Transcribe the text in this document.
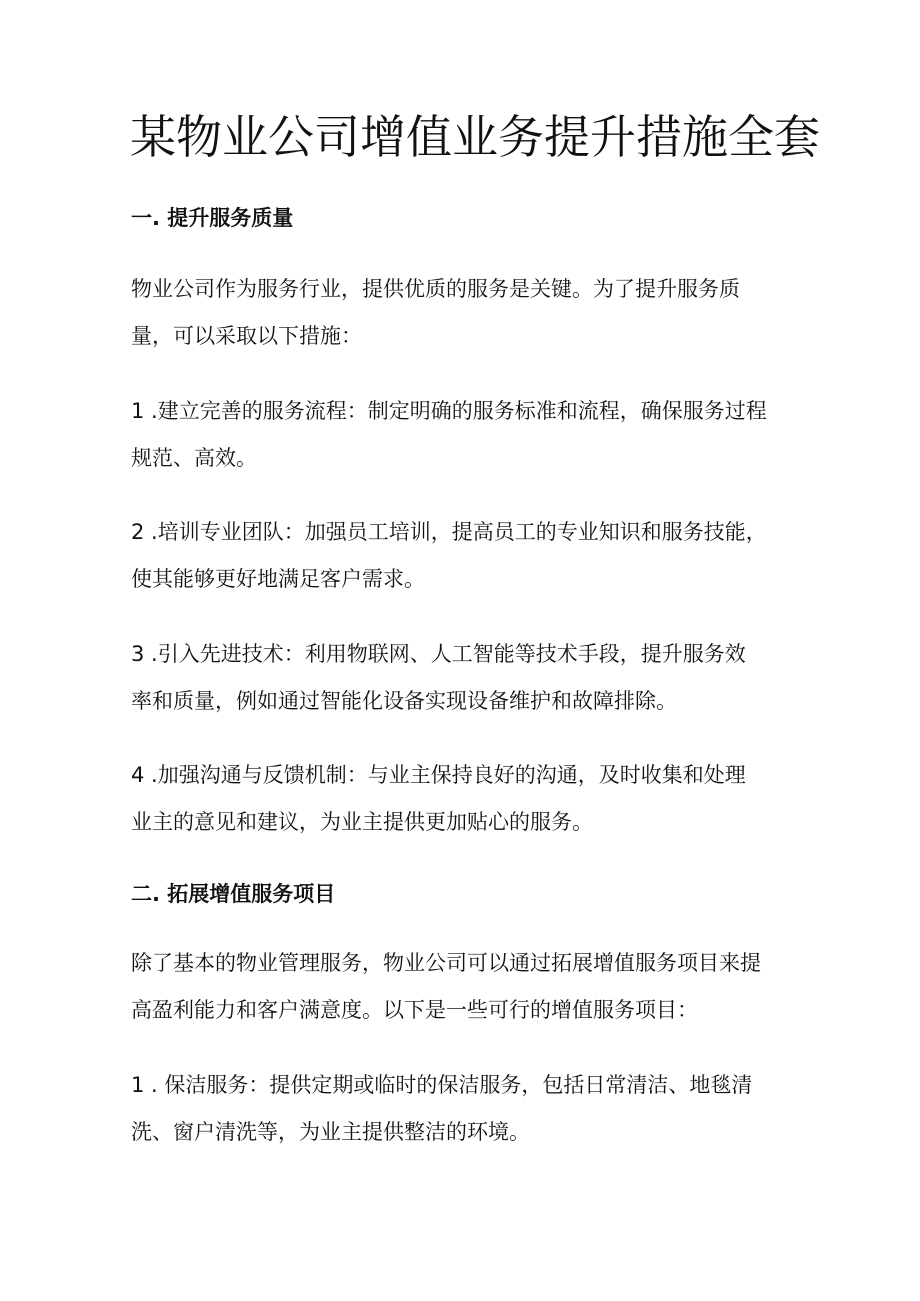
某物业公司增值业务提升措施全套
一. 提升服务质量

物业公司作为服务行业，提供优质的服务是关键。为了提升服务质
量，可以采取以下措施：

1 .建立完善的服务流程：制定明确的服务标准和流程，确保服务过程
规范、高效。

2 .培训专业团队：加强员工培训，提高员工的专业知识和服务技能，
使其能够更好地满足客户需求。

3 .引入先进技术：利用物联网、人工智能等技术手段，提升服务效
率和质量，例如通过智能化设备实现设备维护和故障排除。

4 .加强沟通与反馈机制：与业主保持良好的沟通，及时收集和处理
业主的意见和建议，为业主提供更加贴心的服务。

二. 拓展增值服务项目

除了基本的物业管理服务，物业公司可以通过拓展增值服务项目来提
高盈利能力和客户满意度。以下是一些可行的增值服务项目：

1 . 保洁服务：提供定期或临时的保洁服务，包括日常清洁、地毯清
洗、窗户清洗等，为业主提供整洁的环境。
